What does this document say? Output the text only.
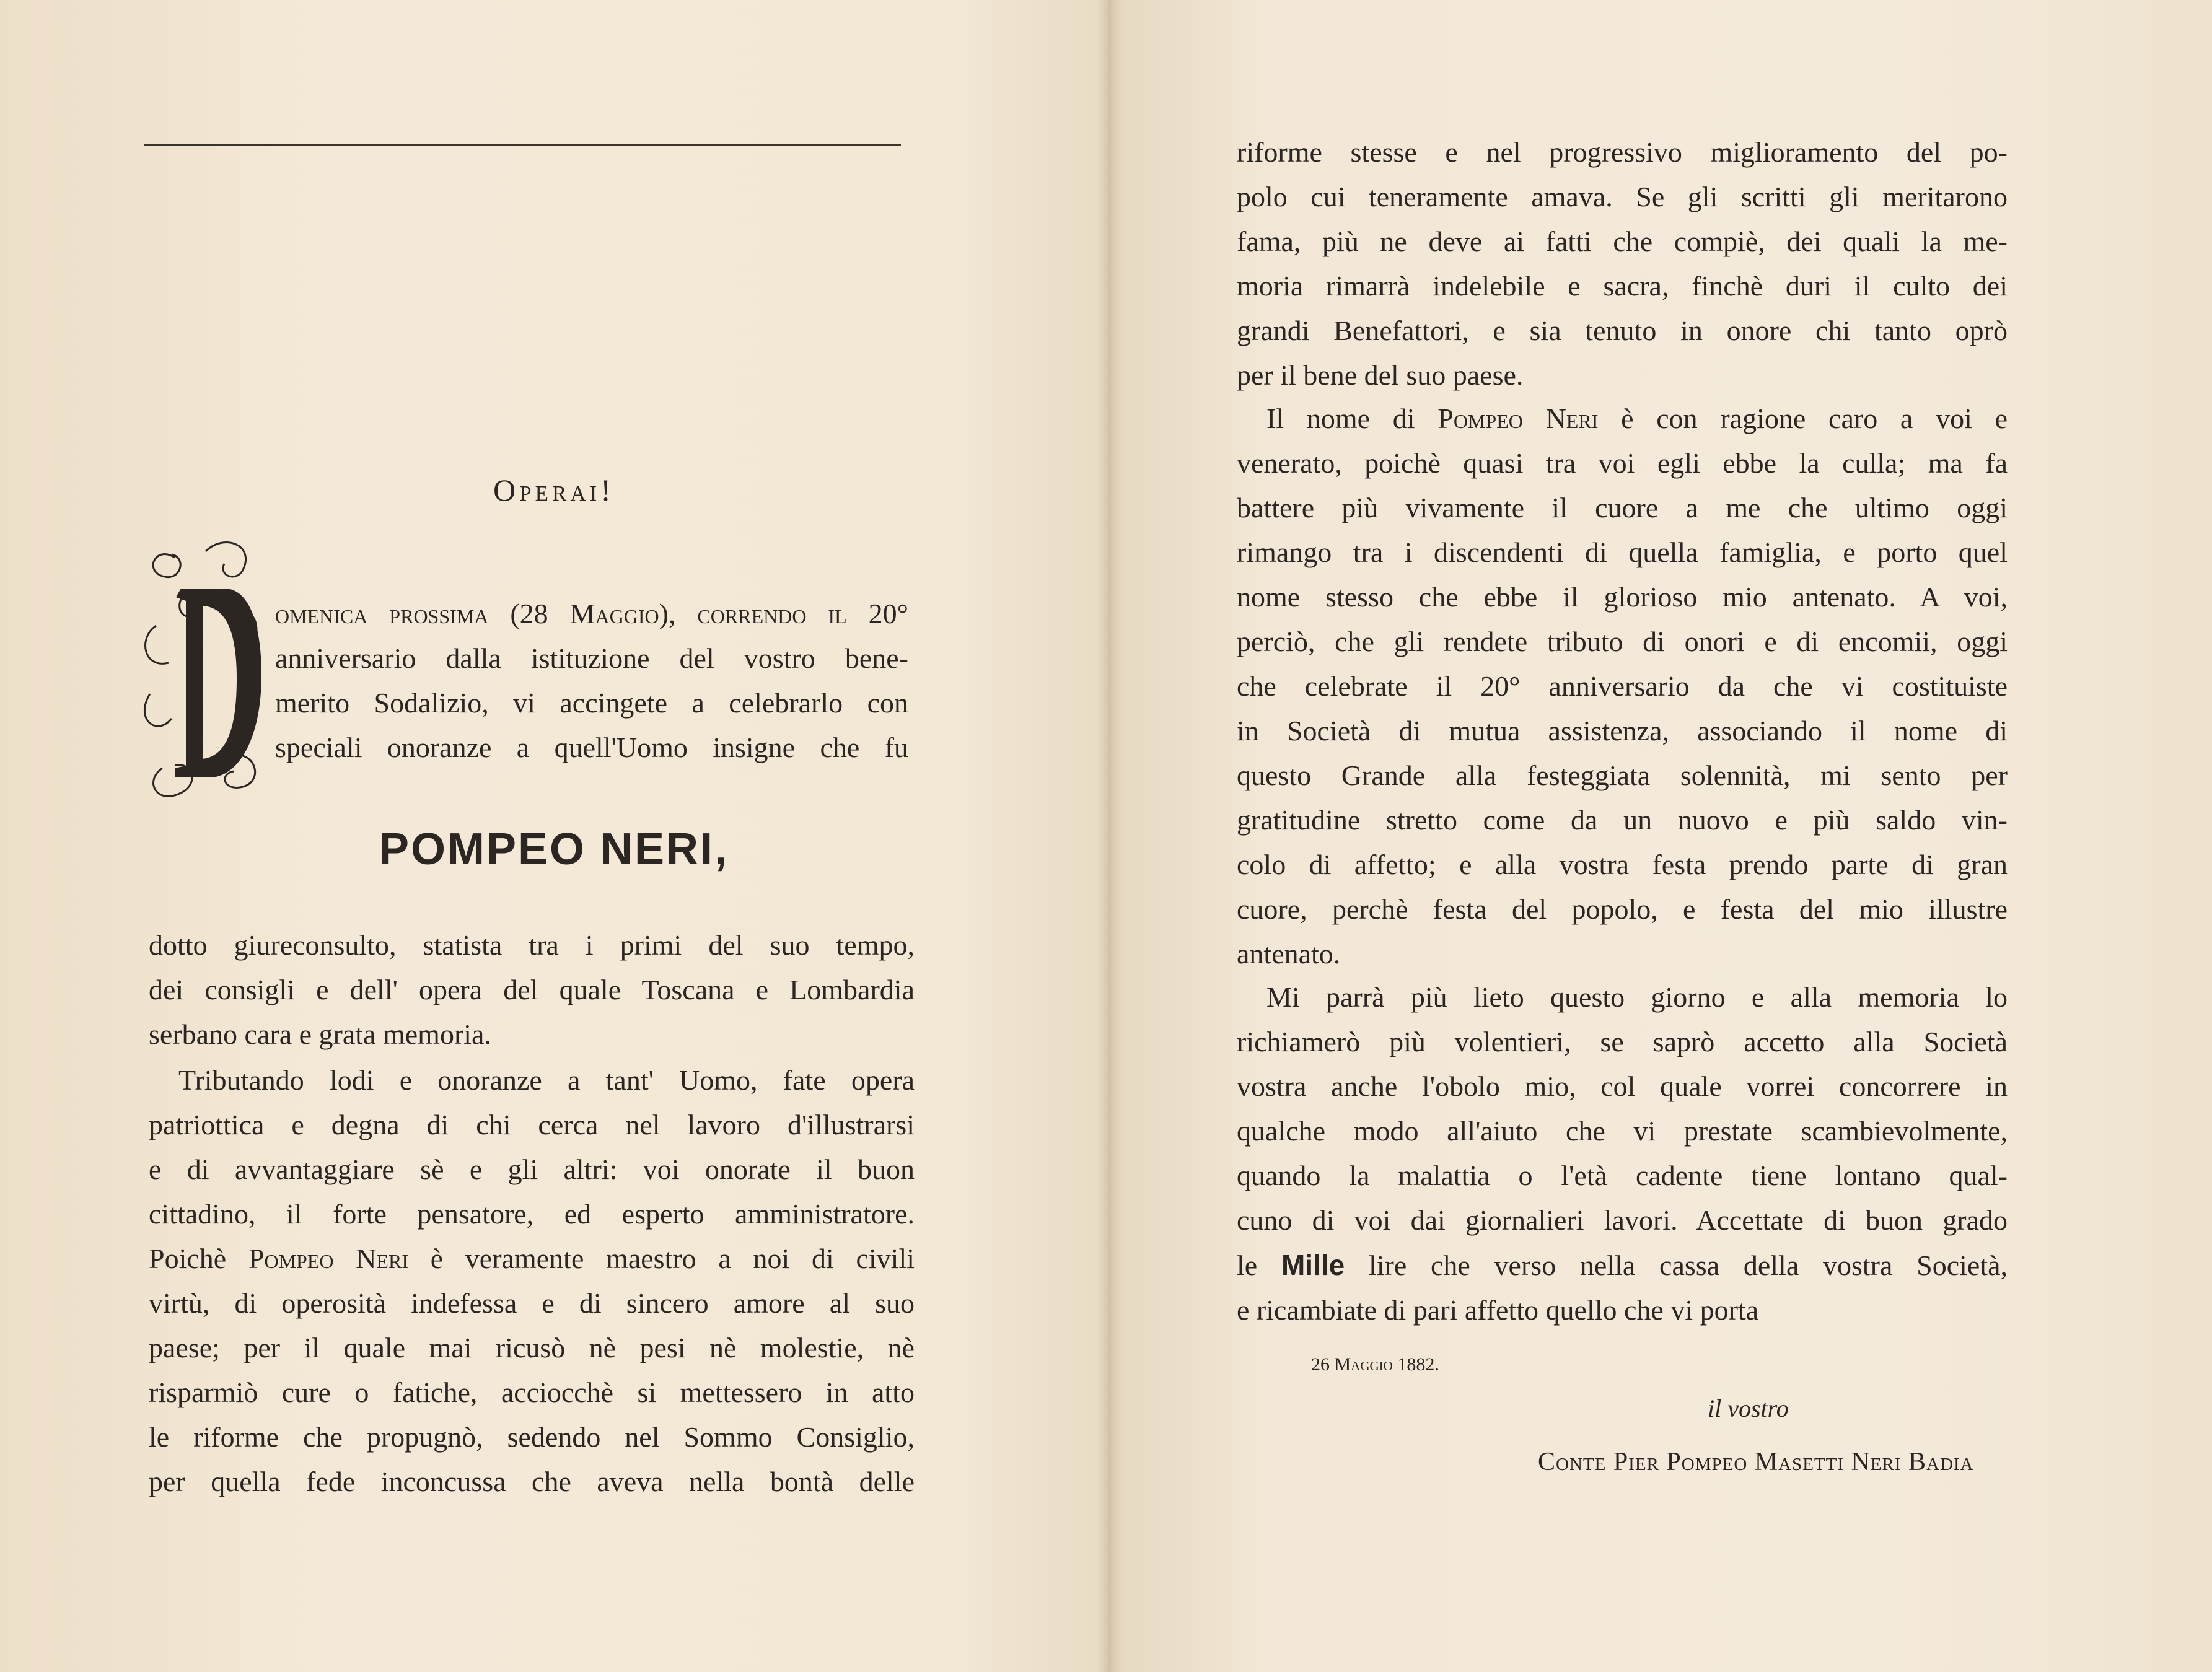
Operai!
omenica prossima (28 Maggio), correndo il 20°
anniversario dalla istituzione del vostro bene-
merito Sodalizio, vi accingete a celebrarlo con
speciali onoranze a quell'Uomo insigne che fu
POMPEO NERI,
dotto giureconsulto, statista tra i primi del suo tempo,
dei consigli e dell' opera del quale Toscana e Lombardia
serbano cara e grata memoria.
Tributando lodi e onoranze a tant' Uomo, fate opera
patriottica e degna di chi cerca nel lavoro d'illustrarsi
e di avvantaggiare sè e gli altri: voi onorate il buon
cittadino, il forte pensatore, ed esperto amministratore.
Poichè Pompeo Neri è veramente maestro a noi di civili
virtù, di operosità indefessa e di sincero amore al suo
paese; per il quale mai ricusò nè pesi nè molestie, nè
risparmiò cure o fatiche, acciocchè si mettessero in atto
le riforme che propugnò, sedendo nel Sommo Consiglio,
per quella fede inconcussa che aveva nella bontà delle
riforme stesse e nel progressivo miglioramento del po-
polo cui teneramente amava. Se gli scritti gli meritarono
fama, più ne deve ai fatti che compiè, dei quali la me-
moria rimarrà indelebile e sacra, finchè duri il culto dei
grandi Benefattori, e sia tenuto in onore chi tanto oprò
per il bene del suo paese.
Il nome di Pompeo Neri è con ragione caro a voi e
venerato, poichè quasi tra voi egli ebbe la culla; ma fa
battere più vivamente il cuore a me che ultimo oggi
rimango tra i discendenti di quella famiglia, e porto quel
nome stesso che ebbe il glorioso mio antenato. A voi,
perciò, che gli rendete tributo di onori e di encomii, oggi
che celebrate il 20° anniversario da che vi costituiste
in Società di mutua assistenza, associando il nome di
questo Grande alla festeggiata solennità, mi sento per
gratitudine stretto come da un nuovo e più saldo vin-
colo di affetto; e alla vostra festa prendo parte di gran
cuore, perchè festa del popolo, e festa del mio illustre
antenato.
Mi parrà più lieto questo giorno e alla memoria lo
richiamerò più volentieri, se saprò accetto alla Società
vostra anche l'obolo mio, col quale vorrei concorrere in
qualche modo all'aiuto che vi prestate scambievolmente,
quando la malattia o l'età cadente tiene lontano qual-
cuno di voi dai giornalieri lavori. Accettate di buon grado
le Mille lire che verso nella cassa della vostra Società,
e ricambiate di pari affetto quello che vi porta
26 Maggio 1882.
il vostro
Conte Pier Pompeo Masetti Neri Badia
